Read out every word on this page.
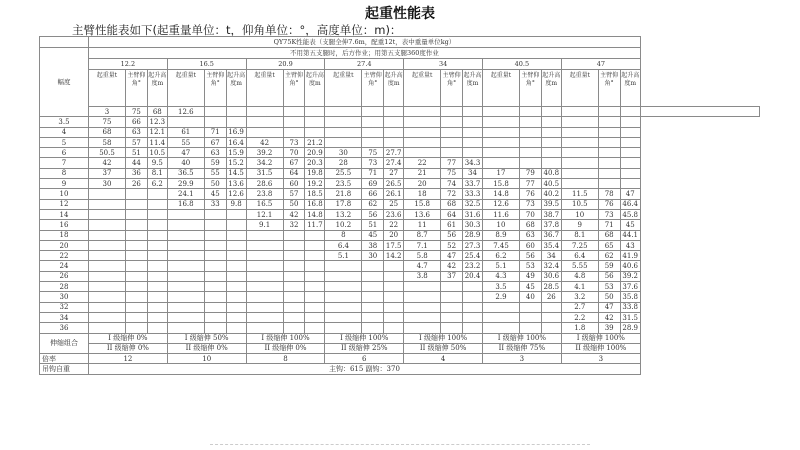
起重性能表
主臂性能表如下(起重量单位：t，仰角单位：°，高度单位：m)：
	QY75K性能表（支腿全伸7.6m，配重12t，表中重量单位kg）																					
幅度	不用第五支腿时，后方作业；用第五支腿360度作业																					
	12.2			16.5			20.9			27.4			34			40.5			47			
	起重量t	主臂仰角°	起升高度m	起重量t	主臂仰角°	起升高度m	起重量t	主臂仰角°	起升高度m	起重量t	主臂仰角°	起升高度m	起重量t	主臂仰角°	起升高度m	起重量t	主臂仰角°	起升高度m	起重量t	主臂仰角°	起升高度m	
	3	75	68	12.6																		
3.5	75	66	12.3																			
4	68	63	12.1	61	71	16.9																
5	58	57	11.4	55	67	16.4	42	73	21.2													
6	50.5	51	10.5	47	63	15.9	39.2	70	20.9	30	75	27.7										
7	42	44	9.5	40	59	15.2	34.2	67	20.3	28	73	27.4	22	77	34.3							
8	37	36	8.1	36.5	55	14.5	31.5	64	19.8	25.5	71	27	21	75	34	17	79	40.8				
9	30	26	6.2	29.9	50	13.6	28.6	60	19.2	23.5	69	26.5	20	74	33.7	15.8	77	40.5				
10				24.1	45	12.6	23.8	57	18.5	21.8	66	26.1	18	72	33.3	14.8	76	40.2	11.5	78	47	
12				16.8	33	9.8	16.5	50	16.8	17.8	62	25	15.8	68	32.5	12.6	73	39.5	10.5	76	46.4	
14							12.1	42	14.8	13.2	56	23.6	13.6	64	31.6	11.6	70	38.7	10	73	45.8	
16							9.1	32	11.7	10.2	51	22	11	61	30.3	10	68	37.8	9	71	45	
18										8	45	20	8.7	56	28.9	8.9	63	36.7	8.1	68	44.1	
20										6.4	38	17.5	7.1	52	27.3	7.45	60	35.4	7.25	65	43	
22										5.1	30	14.2	5.8	47	25.4	6.2	56	34	6.4	62	41.9	
24													4.7	42	23.2	5.1	53	32.4	5.55	59	40.6	
26													3.8	37	20.4	4.3	49	30.6	4.8	56	39.2	
28																3.5	45	28.5	4.1	53	37.6	
30																2.9	40	26	3.2	50	35.8	
32																			2.7	47	33.8	
34																			2.2	42	31.5	
36																			1.8	39	28.9	
伸缩组合	I 级缩伸 0%			I 级缩伸 50%			I 级缩伸 100%			I 级缩伸 100%			I 级缩伸 100%			I 级缩伸 100%			I 级缩伸 100%			
	II 级缩伸 0%			II 级缩伸 0%			II 级缩伸 0%			II 级缩伸 25%			II 级缩伸 50%			II 级缩伸 75%			II 级缩伸 100%			
倍率	12			10			8			6			4			3			3			
吊钩自重	主钩：615 副钩：370																					
